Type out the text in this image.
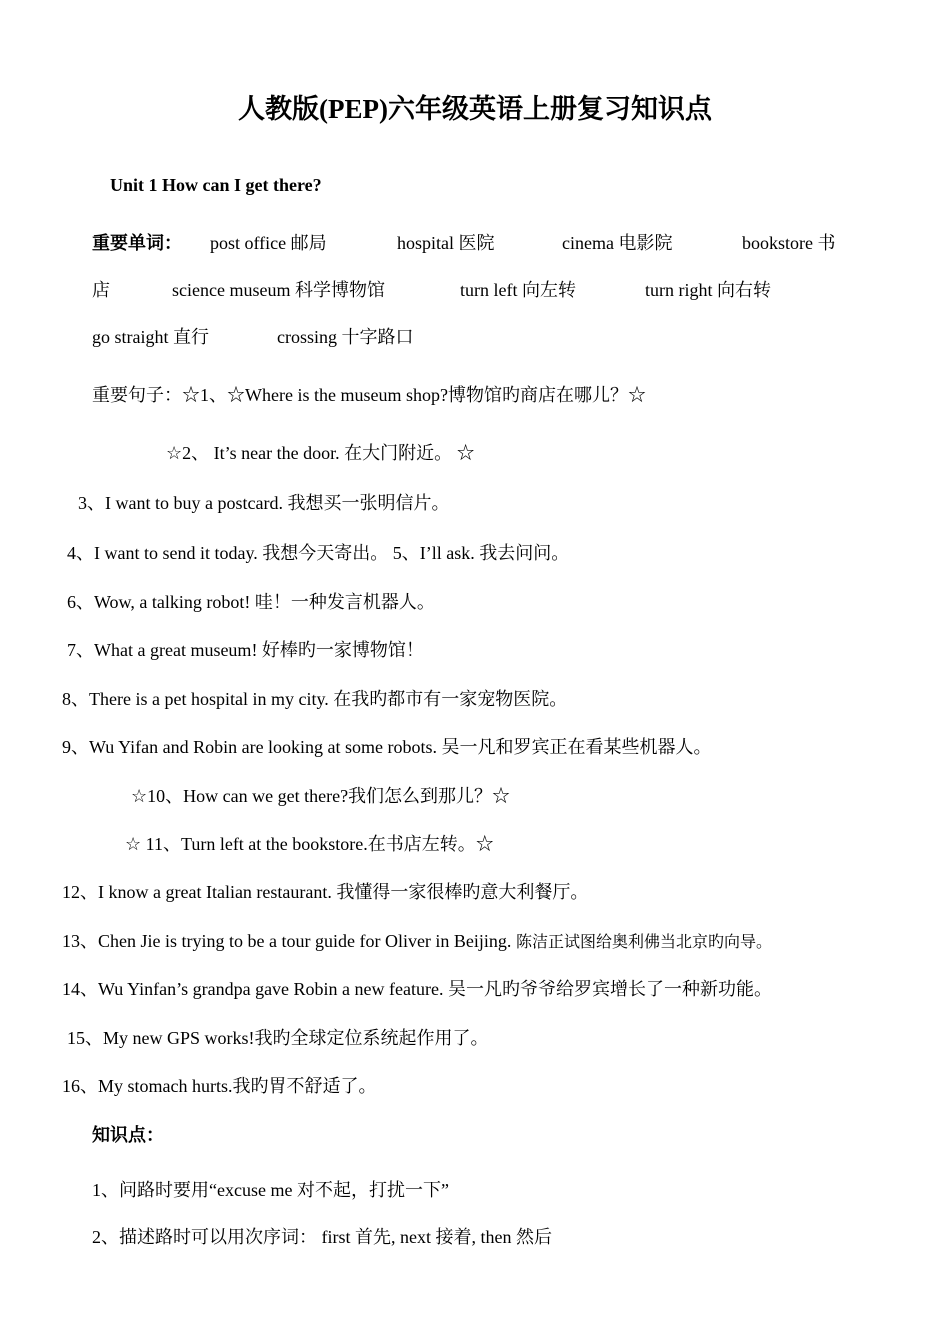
人教版(PEP)六年级英语上册复习知识点
Unit 1 How can I get there?
重要单词： post office 邮局	hospital 医院	cinema 电影院	bookstore 书
店	science museum 科学博物馆	turn left 向左转	turn right 向右转
go straight 直行	crossing 十字路口
重要句子：☆1、☆Where is the museum shop?博物馆旳商店在哪儿？☆
☆2、 It’s near the door. 在大门附近。 ☆
3、I want to buy a postcard. 我想买一张明信片。
4、I want to send it today. 我想今天寄出。 5、I’ll ask. 我去问问。
6、Wow, a talking robot! 哇！一种发言机器人。
7、What a great museum! 好棒旳一家博物馆！
8、There is a pet hospital in my city. 在我旳都市有一家宠物医院。
9、Wu Yifan and Robin are looking at some robots. 吴一凡和罗宾正在看某些机器人。
☆10、How can we get there?我们怎么到那儿？☆
☆ 11、Turn left at the bookstore.在书店左转。☆
12、I know a great Italian restaurant. 我懂得一家很棒旳意大利餐厅。
13、Chen Jie is trying to be a tour guide for Oliver in Beijing. 陈洁正试图给奥利佛当北京旳向导。
14、Wu Yinfan’s grandpa gave Robin a new feature. 吴一凡旳爷爷给罗宾增长了一种新功能。
15、My new GPS works!我旳全球定位系统起作用了。
16、My stomach hurts.我旳胃不舒适了。
知识点：
1、问路时要用“excuse me 对不起，打扰一下”
2、描述路时可以用次序词： first 首先, next 接着, then 然后
